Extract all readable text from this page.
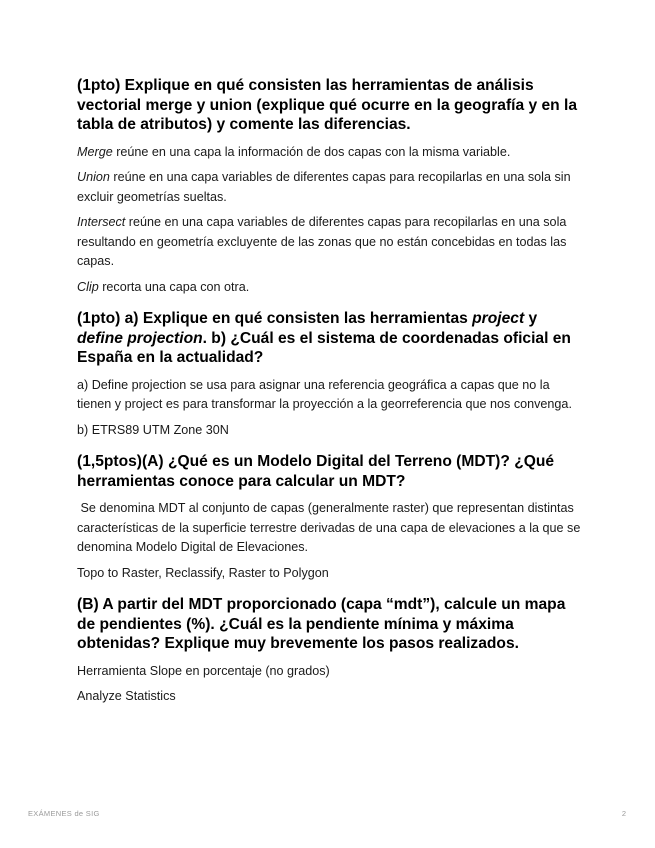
(1pto) Explique en qué consisten las herramientas de análisis vectorial merge y union (explique qué ocurre en la geografía y en la tabla de atributos) y comente las diferencias.

Merge reúne en una capa la información de dos capas con la misma variable.

Union reúne en una capa variables de diferentes capas para recopilarlas en una sola sin excluir geometrías sueltas.

Intersect reúne en una capa variables de diferentes capas para recopilarlas en una sola resultando en geometría excluyente de las zonas que no están concebidas en todas las capas.

Clip recorta una capa con otra.

(1pto) a) Explique en qué consisten las herramientas project y define projection. b) ¿Cuál es el sistema de coordenadas oficial en España en la actualidad?

a) Define projection se usa para asignar una referencia geográfica a capas que no la tienen y project es para transformar la proyección a la georreferencia que nos convenga.

b) ETRS89 UTM Zone 30N

(1,5ptos)(A) ¿Qué es un Modelo Digital del Terreno (MDT)? ¿Qué herramientas conoce para calcular un MDT?

Se denomina MDT al conjunto de capas (generalmente raster) que representan distintas características de la superficie terrestre derivadas de una capa de elevaciones a la que se denomina Modelo Digital de Elevaciones.

Topo to Raster, Reclassify, Raster to Polygon

(B) A partir del MDT proporcionado (capa “mdt”), calcule un mapa de pendientes (%). ¿Cuál es la pendiente mínima y máxima obtenidas? Explique muy brevemente los pasos realizados.

Herramienta Slope en porcentaje (no grados)

Analyze Statistics

EXÁMENES de SIG	2
